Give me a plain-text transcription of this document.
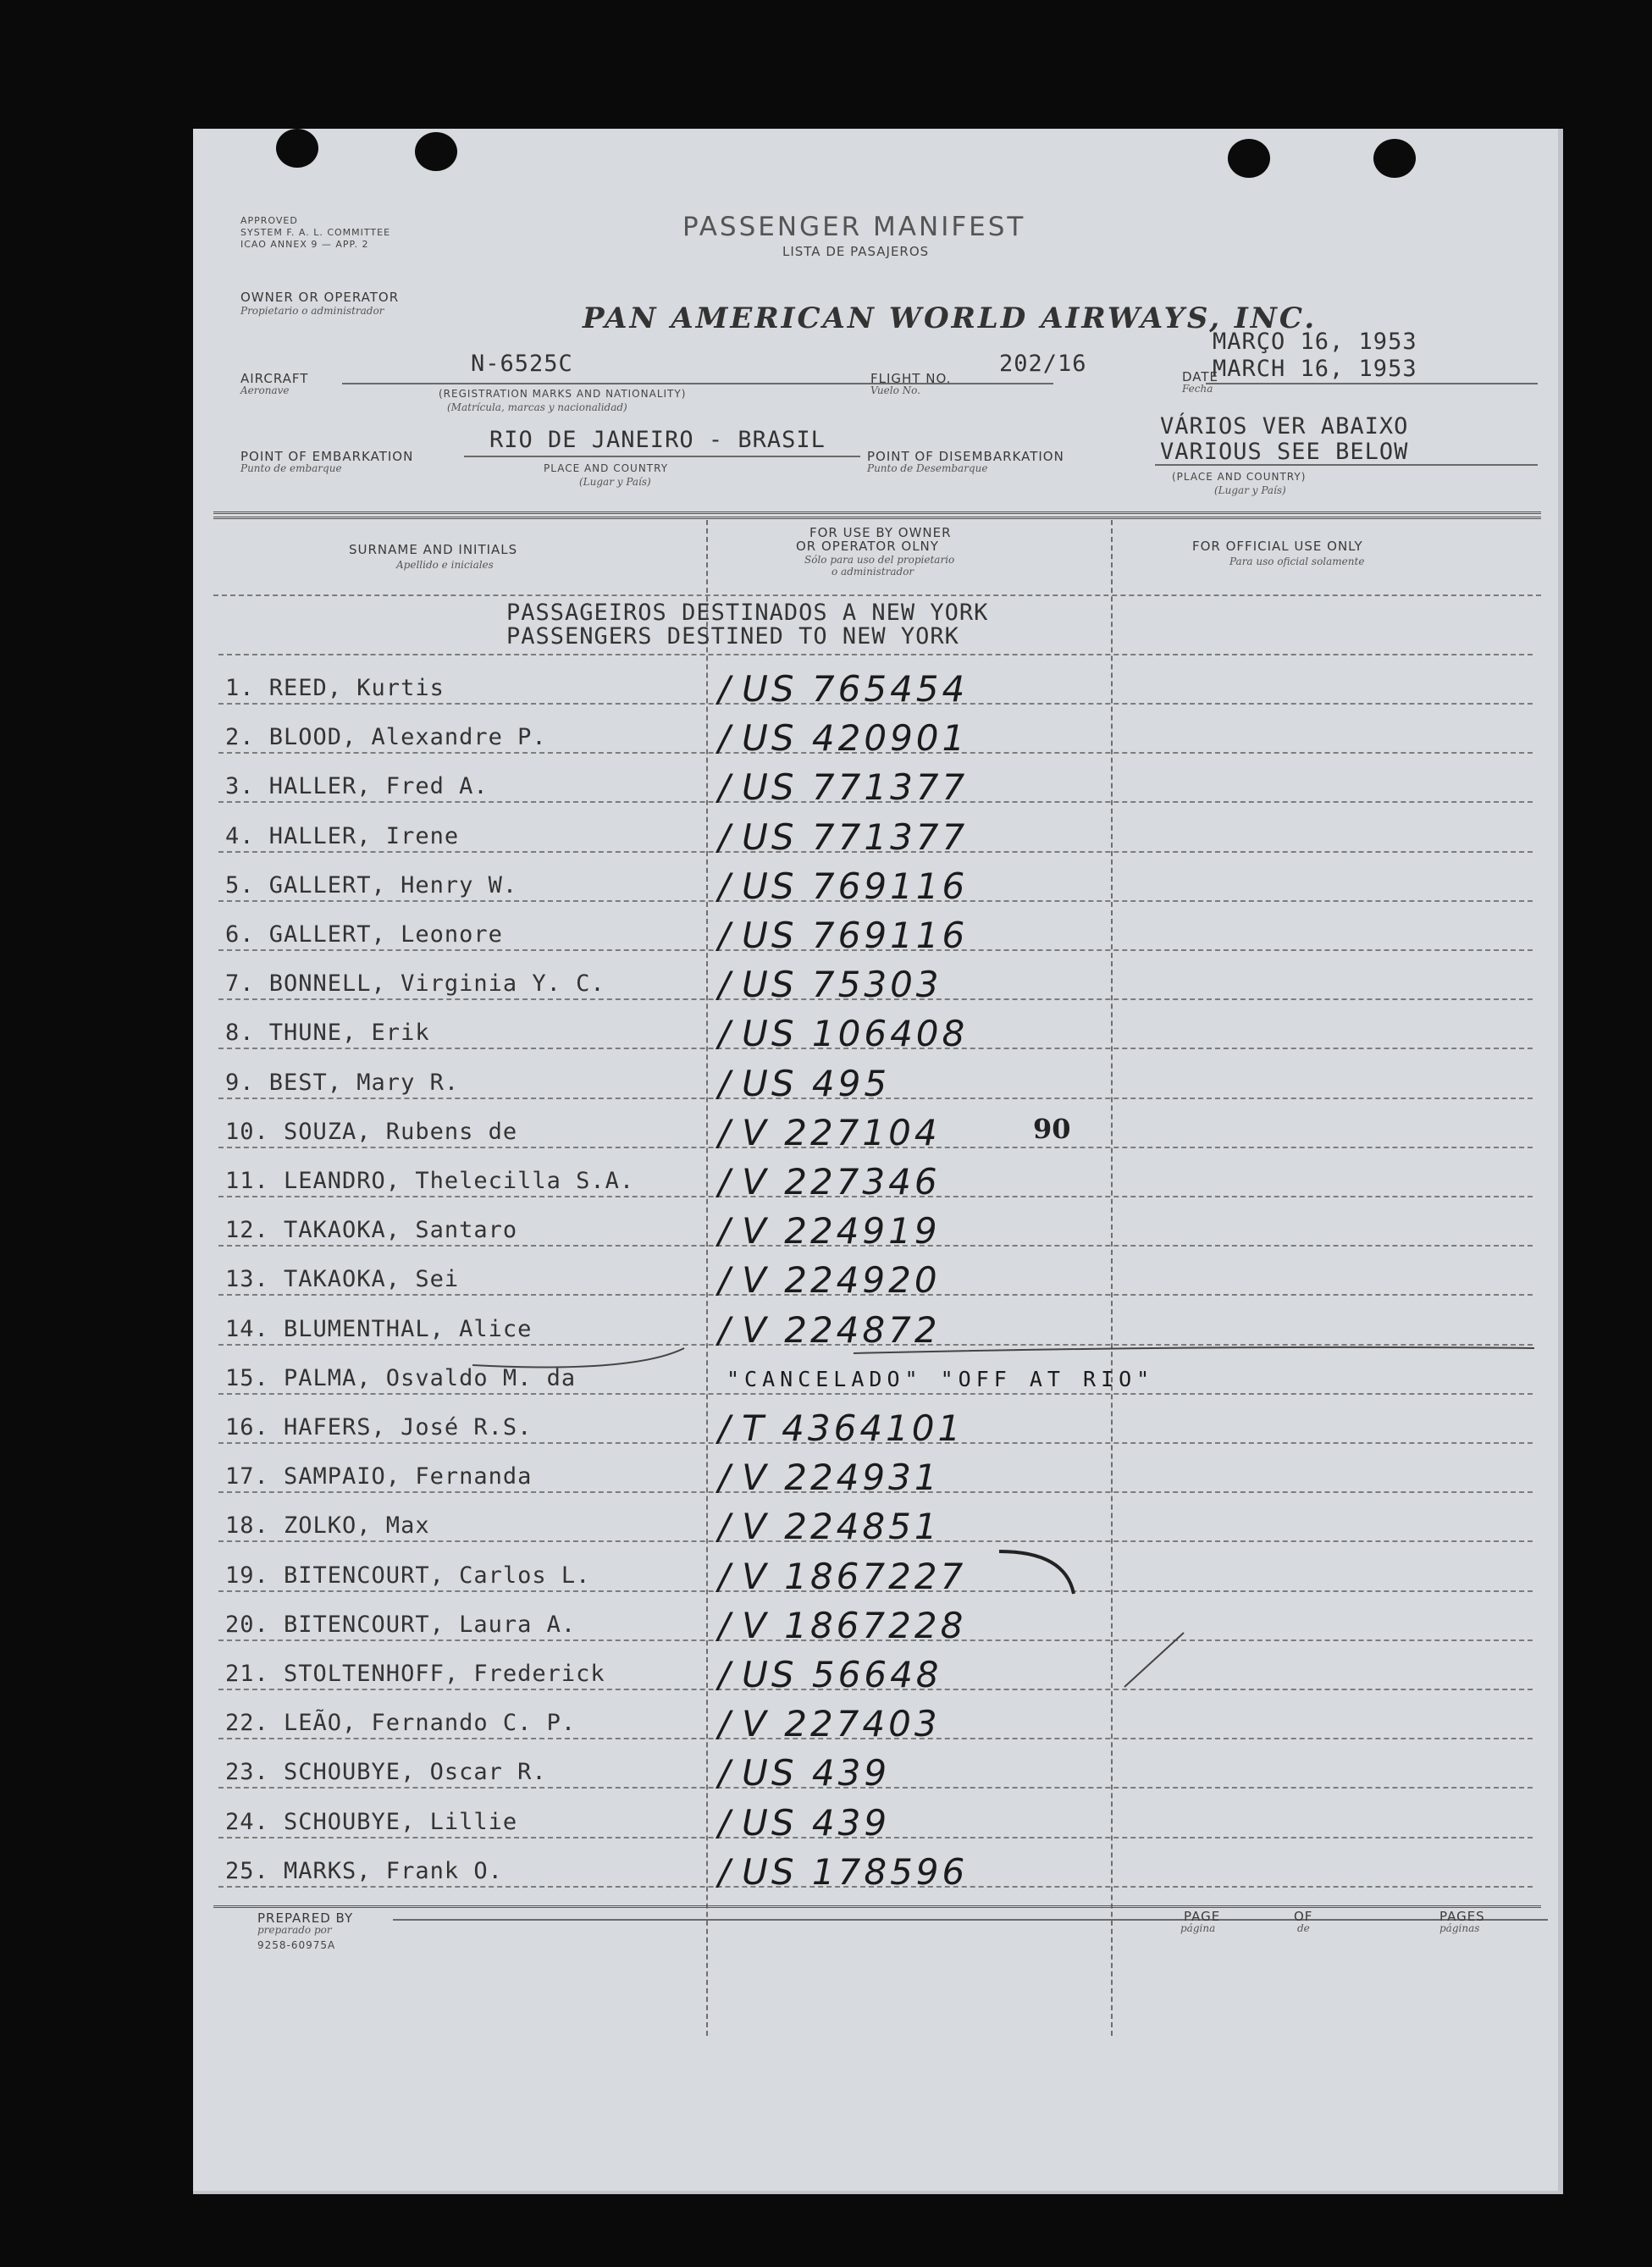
APPROVED
SYSTEM F. A. L. COMMITTEE
ICAO ANNEX 9 — APP. 2
PASSENGER MANIFEST
LISTA DE PASAJEROS
OWNER OR OPERATOR
Propietario o administrador	PAN AMERICAN WORLD AIRWAYS, INC.
AIRCRAFT
Aeronave
N-6525C
(REGISTRATION MARKS AND NATIONALITY)
(Matrícula, marcas y nacionalidad)
FLIGHT NO.
Vuelo No.
202/16
MARÇO 16, 1953
DATE
Fecha
MARCH 16, 1953
POINT OF EMBARKATION
Punto de embarque
RIO DE JANEIRO - BRASIL
PLACE AND COUNTRY
(Lugar y País)
POINT OF DISEMBARKATION
Punto de Desembarque
VÁRIOS VER ABAIXO
VARIOUS SEE BELOW
(PLACE AND COUNTRY)
(Lugar y País)
SURNAME AND INITIALS
Apellido e iniciales
FOR USE BY OWNER
OR OPERATOR OLNY
Sólo para uso del propietario
o administrador
FOR OFFICIAL USE ONLY
Para uso oficial solamente
PASSAGEIROS DESTINADOS A NEW YORK
PASSENGERS DESTINED TO NEW YORK
1. REED, Kurtis	/ US 765454
2. BLOOD, Alexandre P.	/ US 420901
3. HALLER, Fred A.	/ US 771377
4. HALLER, Irene	/ US 771377
5. GALLERT, Henry W.	/ US 769116
6. GALLERT, Leonore	/ US 769116
7. BONNELL, Virginia Y. C.	/ US 75303
8. THUNE, Erik	/ US 106408
9. BEST, Mary R.	/ US 495
10. SOUZA, Rubens de	/ V 227104	90
11. LEANDRO, Thelecilla S.A.	/ V 227346
12. TAKAOKA, Santaro	/ V 224919
13. TAKAOKA, Sei	/ V 224920
14. BLUMENTHAL, Alice	/ V 224872
15. PALMA, Osvaldo M. da	"CANCELADO" "OFF AT RIO"
16. HAFERS, José R.S.	/ T 4364101
17. SAMPAIO, Fernanda	/ V 224931
18. ZOLKO, Max	/ V 224851
19. BITENCOURT, Carlos L.	/ V 1867227
20. BITENCOURT, Laura A.	/ V 1867228
21. STOLTENHOFF, Frederick	/ US 56648
22. LEÃO, Fernando C. P.	/ V 227403
23. SCHOUBYE, Oscar R.	/ US 439
24. SCHOUBYE, Lillie	/ US 439
25. MARKS, Frank O.	/ US 178596
PREPARED BY
preparado por
9258-60975A
PAGE
página
OF
de
PAGES
páginas
